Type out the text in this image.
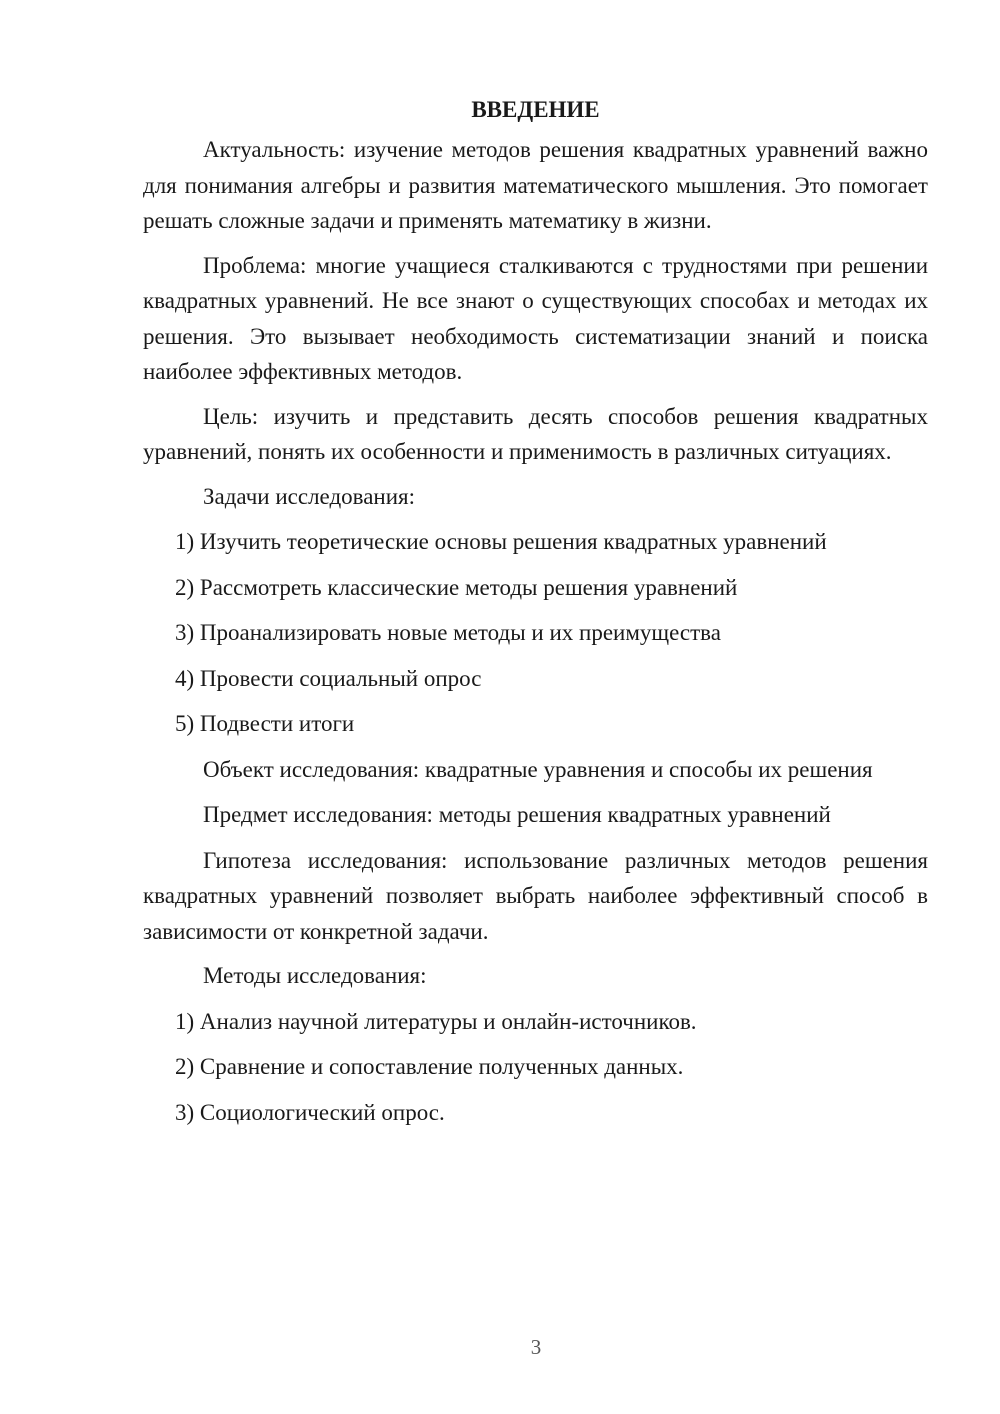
ВВЕДЕНИЕ

Актуальность: изучение методов решения квадратных уравнений важно для понимания алгебры и развития математического мышления. Это помогает решать сложные задачи и применять математику в жизни.

Проблема: многие учащиеся сталкиваются с трудностями при решении квадратных уравнений. Не все знают о существующих способах и методах их решения. Это вызывает необходимость систематизации знаний и поиска наиболее эффективных методов.

Цель: изучить и представить десять способов решения квадратных уравнений, понять их особенности и применимость в различных ситуациях.

Задачи исследования:
1) Изучить теоретические основы решения квадратных уравнений
2) Рассмотреть классические методы решения уравнений
3) Проанализировать новые методы и их преимущества
4) Провести социальный опрос
5) Подвести итоги
Объект исследования: квадратные уравнения и способы их решения
Предмет исследования: методы решения квадратных уравнений

Гипотеза исследования: использование различных методов решения квадратных уравнений позволяет выбрать наиболее эффективный способ в зависимости от конкретной задачи.

Методы исследования:
1) Анализ научной литературы и онлайн-источников.
2) Сравнение и сопоставление полученных данных.
3) Социологический опрос.
3
